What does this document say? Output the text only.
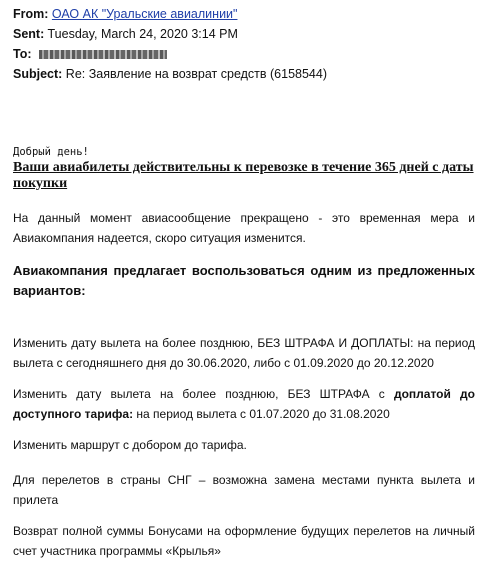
From: ОАО АК "Уральские авиалинии"
Sent: Tuesday, March 24, 2020 3:14 PM
To:
Subject: Re: Заявление на возврат средств (6158544)
Добрый день!
Ваши авиабилеты действительны к перевозке в течение 365 дней с даты покупки

На данный момент авиасообщение прекращено - это временная мера и Авиакомпания надеется, скоро ситуация изменится.

Авиакомпания предлагает воспользоваться одним из предложенных вариантов:

Изменить дату вылета на более позднюю, БЕЗ ШТРАФА И ДОПЛАТЫ: на период вылета с сегодняшнего дня до 30.06.2020, либо с 01.09.2020 до 20.12.2020

Изменить дату вылета на более позднюю, БЕЗ ШТРАФА с доплатой до доступного тарифа: на период вылета с 01.07.2020 до 31.08.2020

Изменить маршрут с добором до тарифа.

Для перелетов в страны СНГ – возможна замена местами пункта вылета и прилета

Возврат полной суммы Бонусами на оформление будущих перелетов на личный счет участника программы «Крылья»
